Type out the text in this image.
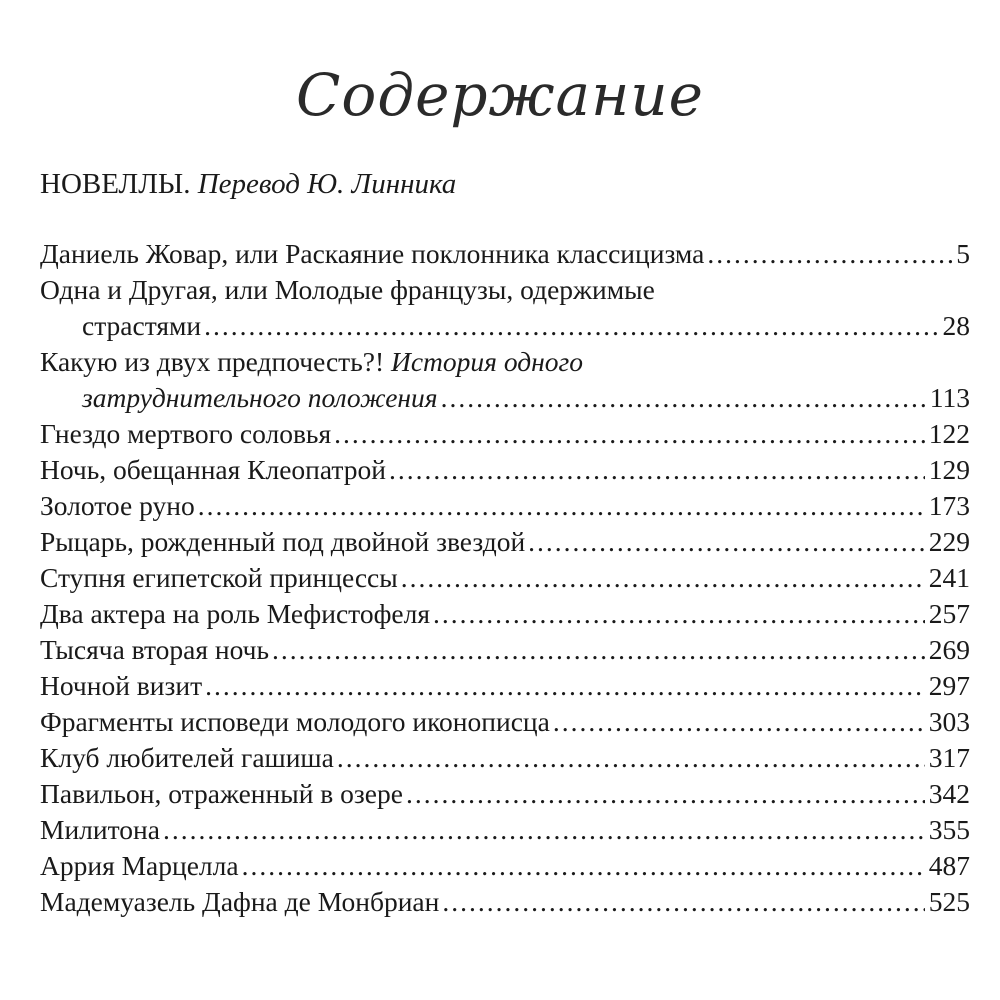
Содержание
НОВЕЛЛЫ. Перевод Ю. Линника
Даниель Жовар, или Раскаяние поклонника классицизма .....	5
Одна и Другая, или Молодые французы, одержимые
страстями .....	28
Какую из двух предпочесть?!
История одного
затруднительного положения .....	113
Гнездо мертвого соловья .....	122
Ночь, обещанная Клеопатрой .....	129
Золотое руно .....	173
Рыцарь, рожденный под двойной звездой .....	229
Ступня египетской принцессы .....	241
Два актера на роль Мефистофеля .....	257
Тысяча вторая ночь .....	269
Ночной визит .....	297
Фрагменты исповеди молодого иконописца .....	303
Клуб любителей гашиша .....	317
Павильон, отраженный в озере .....	342
Милитона .....	355
Аррия Марцелла .....	487
Мадемуазель Дафна де Монбриан .....	525
